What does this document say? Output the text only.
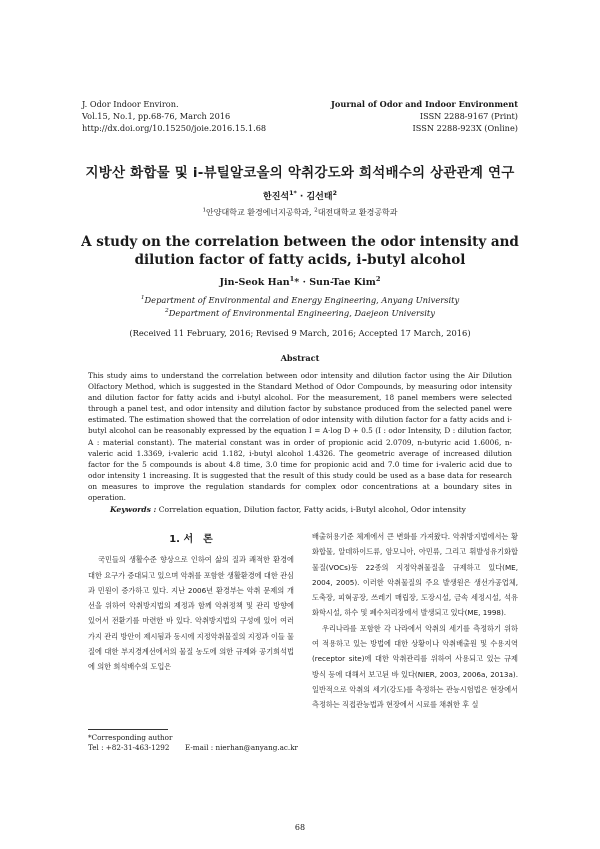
J. Odor Indoor Environ.
Vol.15, No.1, pp.68-76, March 2016
http://dx.doi.org/10.15250/joie.2016.15.1.68
Journal of Odor and Indoor Environment
ISSN 2288-9167 (Print)
ISSN 2288-923X (Online)
지방산 화합물 및 i-뷰틸알코올의 악취강도와 희석배수의 상관관계 연구
한진석$^{1*}$ · 김선태$^2$
$^1$안양대학교 환경에너지공학과, $^2$대전대학교 환경공학과
A study on the correlation between the odor intensity and dilution factor of fatty acids, i-butyl alcohol
Jin-Seok Han$^1$* · Sun-Tae Kim$^2$
$^1$Department of Environmental and Energy Engineering, Anyang University
$^2$Department of Environmental Engineering, Daejeon University
(Received 11 February, 2016; Revised 9 March, 2016; Accepted 17 March, 2016)
Abstract
This study aims to understand the correlation between odor intensity and dilution factor using the Air Dilution Olfactory Method, which is suggested in the Standard Method of Odor Compounds, by measuring odor intensity and dilution factor for fatty acids and i-butyl alcohol. For the measurement, 18 panel members were selected through a panel test, and odor intensity and dilution factor by substance produced from the selected panel were estimated. The estimation showed that the correlation of odor intensity with dilution factor for a fatty acids and i-butyl alcohol can be reasonably expressed by the equation I = A·log D + 0.5 (I : odor Intensity, D : dilution factor, A : material constant). The material constant was in order of propionic acid 2.0709, n-butyric acid 1.6006, n-valeric acid 1.3369, i-valeric acid 1.182, i-butyl alcohol 1.4326. The geometric average of increased dilution factor for the 5 compounds is about 4.8 time, 3.0 time for propionic acid and 7.0 time for i-valeric acid due to odor intensity 1 increasing. It is suggested that the result of this study could be used as a base data for research on measures to improve the regulation standards for complex odor concentrations at a boundary sites in operation.
Keywords : Correlation equation, Dilution factor, Fatty acids, i-Butyl alcohol, Odor intensity
1. 서　론

국민들의 생활수준 향상으로 인하여 삶의 질과 쾌적한 환경에 대한 요구가 증대되고 있으며 악취를 포함한 생활환경에 대한 관심과 민원이 증가하고 있다. 지난 2006년 환경부는 악취 문제의 개선을 위하여 악취방지법의 제정과 함께 악취정책 및 관리 방향에 있어서 전환기를 마련한 바 있다. 악취방지법의 구성에 있어 여러 가지 관리 방안이 제시됨과 동시에 지정악취물질의 지정과 이들 물질에 대한 부지경계선에서의 물질 농도에 의한 규제와 공기희석법에 의한 희석배수의 도입은

배출허용기준 체계에서 큰 변화를 가져왔다. 악취방지법에서는 황화합물, 알데하이드류, 암모니아, 아민류, 그리고 휘발성유기화합물질(VOCs)등 22종의 지정악취물질을 규제하고 있다(ME, 2004, 2005). 이러한 악취물질의 주요 발생원은 생선가공업체, 도축장, 피혁공장, 쓰레기 매립장, 도장시설, 금속 세정시설, 석유화학시설, 하수 및 폐수처리장에서 발생되고 있다(ME, 1998).

우리나라를 포함한 각 나라에서 악취의 세기를 측정하기 위하여 적용하고 있는 방법에 대한 상황이나 악취배출원 및 수용지역(receptor site)에 대한 악취관리를 위하여 사용되고 있는 규제 방식 등에 대해서 보고된 바 있다(NIER, 2003, 2006a, 2013a). 일반적으로 악취의 세기(강도)를 측정하는 관능시험법은 현장에서 측정하는 직접관능법과 현장에서 시료를 채취한 후 실

*Corresponding author
Tel : +82-31-463-1292 E-mail : nierhan@anyang.ac.kr
68
